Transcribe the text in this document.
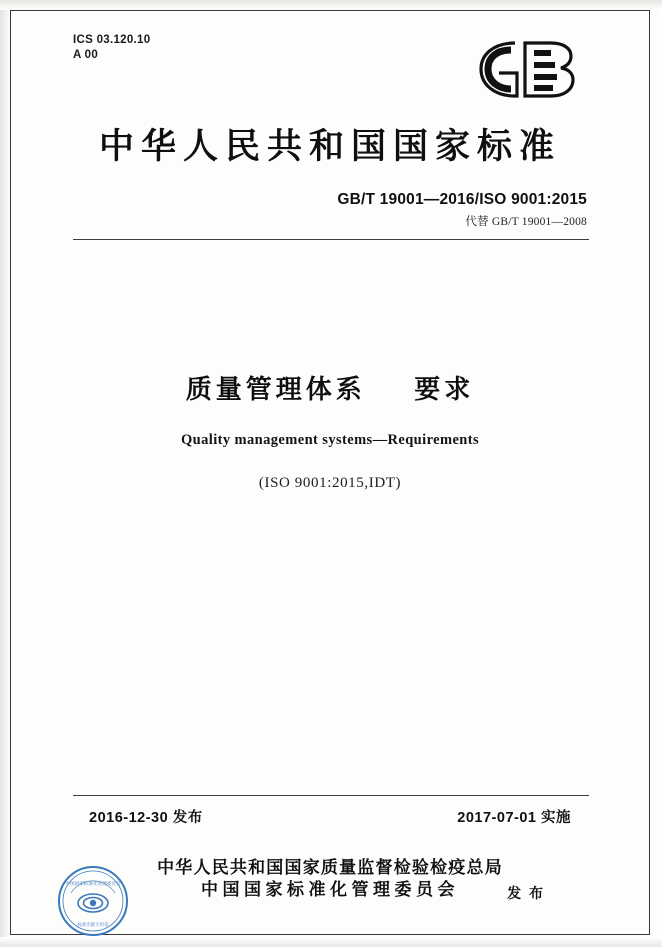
ICS 03.120.10
A 00
中华人民共和国国家标准
GB/T 19001—2016/ISO 9001:2015
代替 GB/T 19001—2008
质量管理体系 要求
Quality management systems—Requirements
(ISO 9001:2015,IDT)
2016-12-30 发布	2017-07-01 实施
中华人民共和国国家质量监督检验检疫总局
中国国家标准化管理委员会	发 布
中国国家标准化管理委员会
标准出版专用章
